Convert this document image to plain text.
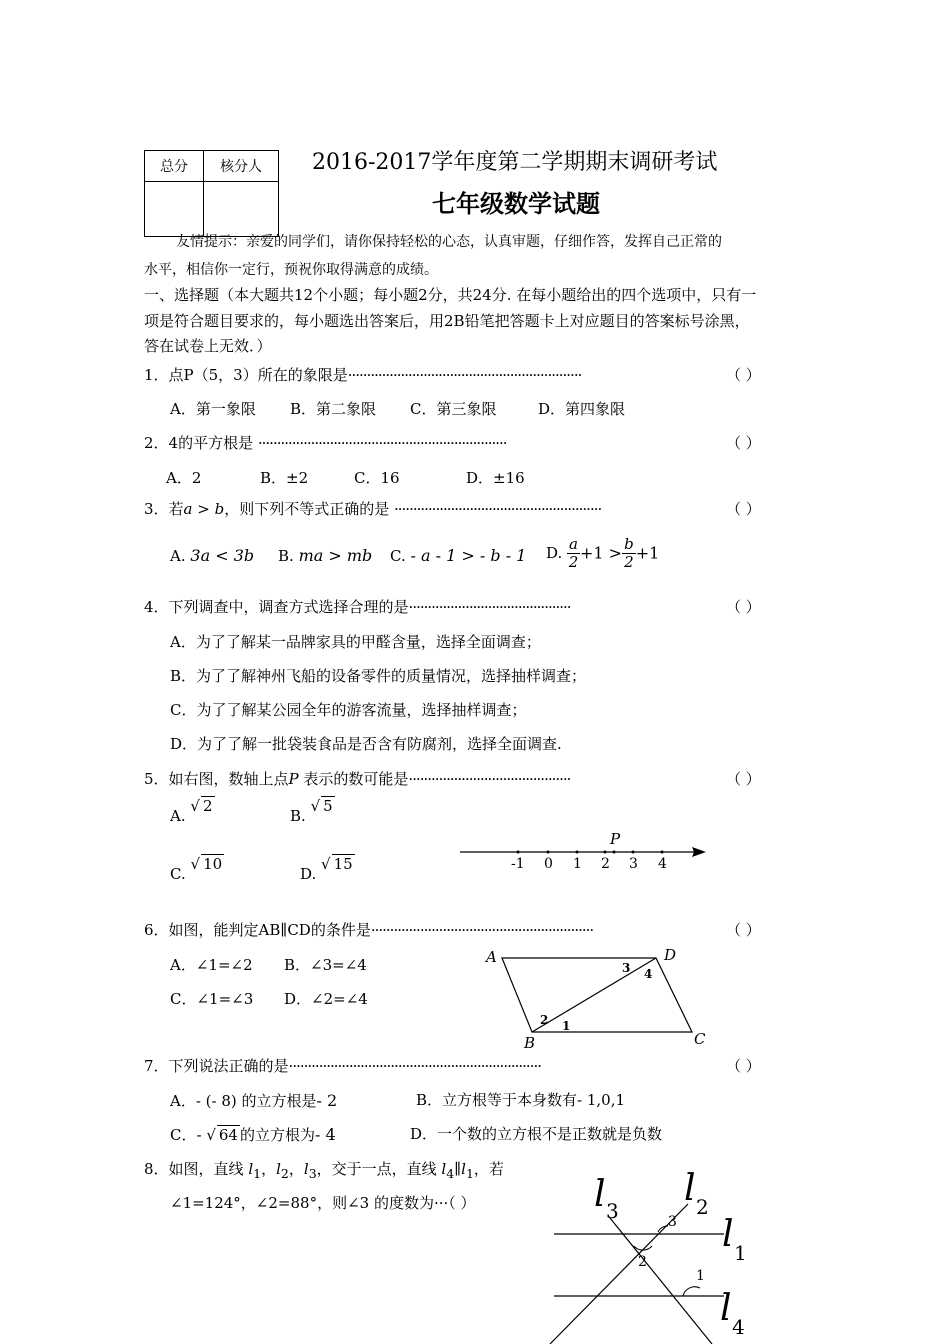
总分	核分人
	2016-2017学年度第二学期期末调研考试
七年级数学试题
友情提示：亲爱的同学们，请你保持轻松的心态，认真审题，仔细作答，发挥自己正常的
水平，相信你一定行，预祝你取得满意的成绩。
一、选择题（本大题共12个小题；每小题2分，共24分. 在每小题给出的四个选项中，只有一
项是符合题目要求的，每小题选出答案后，用2B铅笔把答题卡上对应题目的答案标号涂黑，
答在试卷上无效．）
1．点P（5，3）所在的象限是······························································	（ ）
A．第一象限 B．第二象限 C．第三象限	D．第四象限
2．4的平方根是 ··································································	（ ）
A．2	B．±2	C．16	D．±16
3．若a > b，则下列不等式正确的是 ·······················································	（ ）
A. 3a < 3b B. ma > mb C. - a - 1 > - b - 1 D. $\frac{a}{2} +1 > \frac{b}{2} +1$
4．下列调查中，调查方式选择合理的是···········································	（ ）
A．为了了解某一品牌家具的甲醛含量，选择全面调查；
B．为了了解神州飞船的设备零件的质量情况，选择抽样调查；
C．为了了解某公园全年的游客流量，选择抽样调查；
D．为了了解一批袋装食品是否含有防腐剂，选择全面调查.
5．如右图，数轴上点P 表示的数可能是···········································	（ ）
A. √ 2
B. √ 5
C. √ 10
D. √ 15	-1 0 1 2 3 4
P
6．如图，能判定AB∥CD的条件是···························································	（ ）
A．∠1=∠2 B．∠3=∠4
C．∠1=∠3 D．∠2=∠4
A	D
B	C
1
2
3 4
7．下列说法正确的是···································································	（ ）
A．- (- 8) 的立方根是- 2	B．立方根等于本身数有- 1,0,1
C．- √ 64 的立方根为- 4	D．一个数的立方根不是正数就是负数
8．如图，直线 $l_1$，$l_2$，$l_3$，交于一点，直线 $l_4\parallel l_1$，若
∠1=124°，∠2=88°，则∠3 的度数为···（ ）	l 3
l 2
l 1
l 4
3
2
1
